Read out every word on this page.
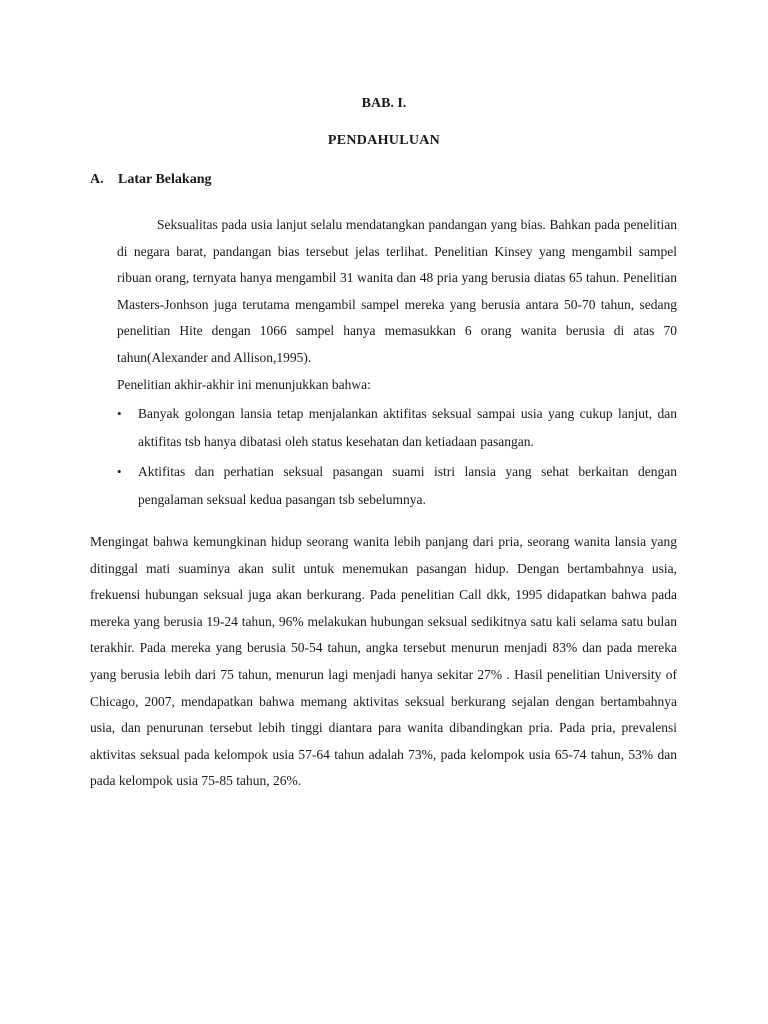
BAB. I.
PENDAHULUAN
A. Latar Belakang

Seksualitas pada usia lanjut selalu mendatangkan pandangan yang bias. Bahkan pada penelitian di negara barat, pandangan bias tersebut jelas terlihat. Penelitian Kinsey yang mengambil sampel ribuan orang, ternyata hanya mengambil 31 wanita dan 48 pria yang berusia diatas 65 tahun. Penelitian Masters-Jonhson juga terutama mengambil sampel mereka yang berusia antara 50-70 tahun, sedang penelitian Hite dengan 1066 sampel hanya memasukkan 6 orang wanita berusia di atas 70 tahun(Alexander and Allison,1995).

Penelitian akhir-akhir ini menunjukkan bahwa:

• Banyak golongan lansia tetap menjalankan aktifitas seksual sampai usia yang cukup lanjut, dan aktifitas tsb hanya dibatasi oleh status kesehatan dan ketiadaan pasangan.
• Aktifitas dan perhatian seksual pasangan suami istri lansia yang sehat berkaitan dengan pengalaman seksual kedua pasangan tsb sebelumnya.

Mengingat bahwa kemungkinan hidup seorang wanita lebih panjang dari pria, seorang wanita lansia yang ditinggal mati suaminya akan sulit untuk menemukan pasangan hidup. Dengan bertambahnya usia, frekuensi hubungan seksual juga akan berkurang. Pada penelitian Call dkk, 1995 didapatkan bahwa pada mereka yang berusia 19-24 tahun, 96% melakukan hubungan seksual sedikitnya satu kali selama satu bulan terakhir. Pada mereka yang berusia 50-54 tahun, angka tersebut menurun menjadi 83% dan pada mereka yang berusia lebih dari 75 tahun, menurun lagi menjadi hanya sekitar 27% . Hasil penelitian University of Chicago, 2007, mendapatkan bahwa memang aktivitas seksual berkurang sejalan dengan bertambahnya usia, dan penurunan tersebut lebih tinggi diantara para wanita dibandingkan pria. Pada pria, prevalensi aktivitas seksual pada kelompok usia 57-64 tahun adalah 73%, pada kelompok usia 65-74 tahun, 53% dan pada kelompok usia 75-85 tahun, 26%.
